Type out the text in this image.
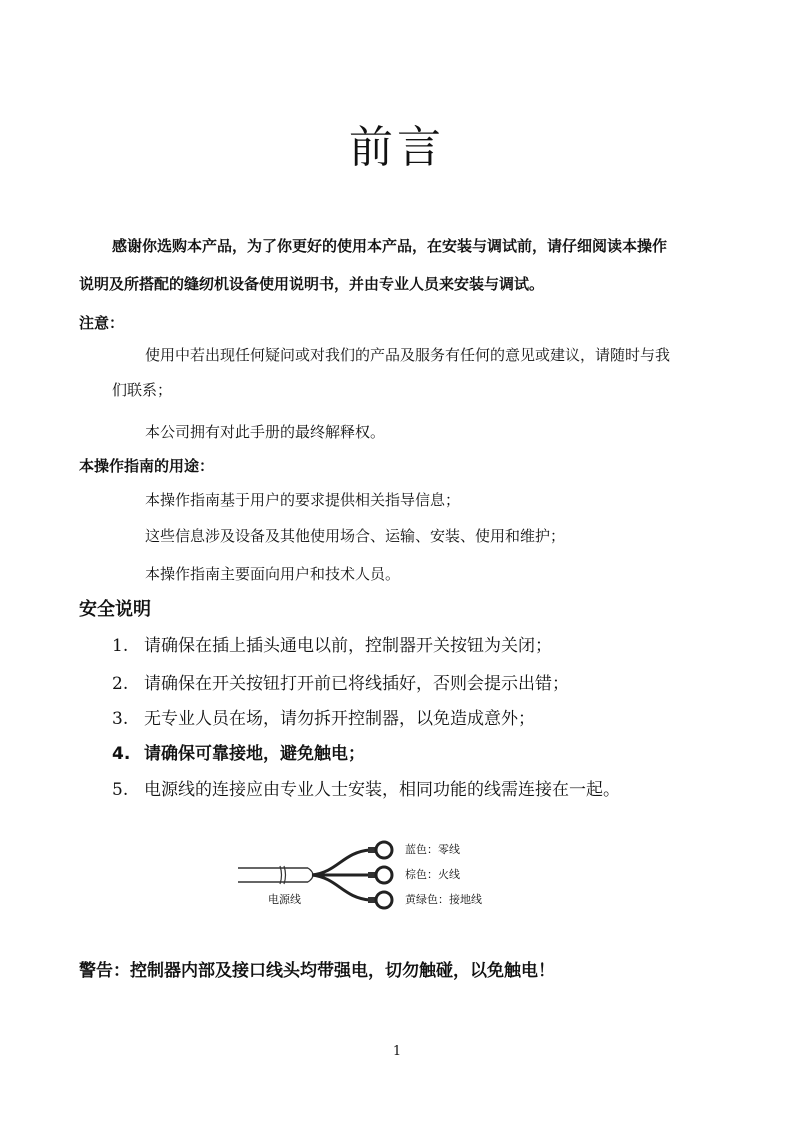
前言
感谢你选购本产品，为了你更好的使用本产品，在安装与调试前，请仔细阅读本操作
说明及所搭配的缝纫机设备使用说明书，并由专业人员来安装与调试。
注意：
使用中若出现任何疑问或对我们的产品及服务有任何的意见或建议，请随时与我
们联系；
本公司拥有对此手册的最终解释权。
本操作指南的用途：
本操作指南基于用户的要求提供相关指导信息；
这些信息涉及设备及其他使用场合、运输、安装、使用和维护；
本操作指南主要面向用户和技术人员。
安全说明
1. 请确保在插上插头通电以前，控制器开关按钮为关闭；
2. 请确保在开关按钮打开前已将线插好，否则会提示出错；
3. 无专业人员在场，请勿拆开控制器，以免造成意外；
4. 请确保可靠接地，避免触电；
5. 电源线的连接应由专业人士安装，相同功能的线需连接在一起。
电源线
蓝色：零线
棕色：火线
黄绿色：接地线
警告：控制器内部及接口线头均带强电，切勿触碰，以免触电！
1
